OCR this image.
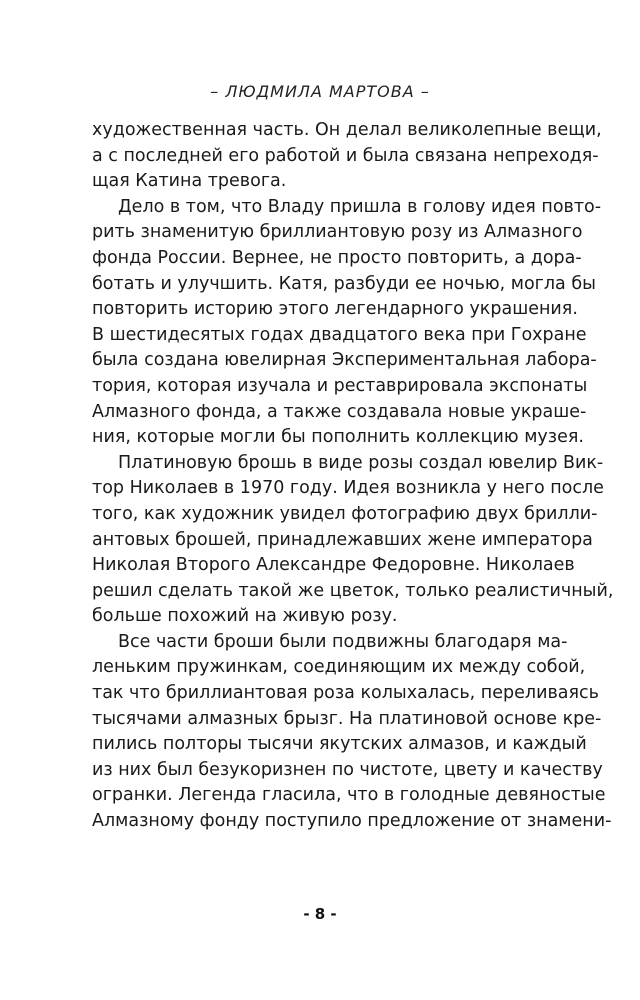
– ЛЮДМИЛА МАРТОВА –

художественная часть. Он делал великолепные вещи,
а с последней его работой и была связана непреходя-
щая Катина тревога.

Дело в том, что Владу пришла в голову идея повто-
рить знаменитую бриллиантовую розу из Алмазного
фонда России. Вернее, не просто повторить, а дора-
ботать и улучшить. Катя, разбуди ее ночью, могла бы
повторить историю этого легендарного украшения.
В шестидесятых годах двадцатого века при Гохране
была создана ювелирная Экспериментальная лабора-
тория, которая изучала и реставрировала экспонаты
Алмазного фонда, а также создавала новые украше-
ния, которые могли бы пополнить коллекцию музея.

Платиновую брошь в виде розы создал ювелир Вик-
тор Николаев в 1970 году. Идея возникла у него после
того, как художник увидел фотографию двух брилли-
антовых брошей, принадлежавших жене императора
Николая Второго Александре Федоровне. Николаев
решил сделать такой же цветок, только реалистичный,
больше похожий на живую розу.

Все части броши были подвижны благодаря ма-
леньким пружинкам, соединяющим их между собой,
так что бриллиантовая роза колыхалась, переливаясь
тысячами алмазных брызг. На платиновой основе кре-
пились полторы тысячи якутских алмазов, и каждый
из них был безукоризнен по чистоте, цвету и качеству
огранки. Легенда гласила, что в голодные девяностые
Алмазному фонду поступило предложение от знамени-

- 8 -
